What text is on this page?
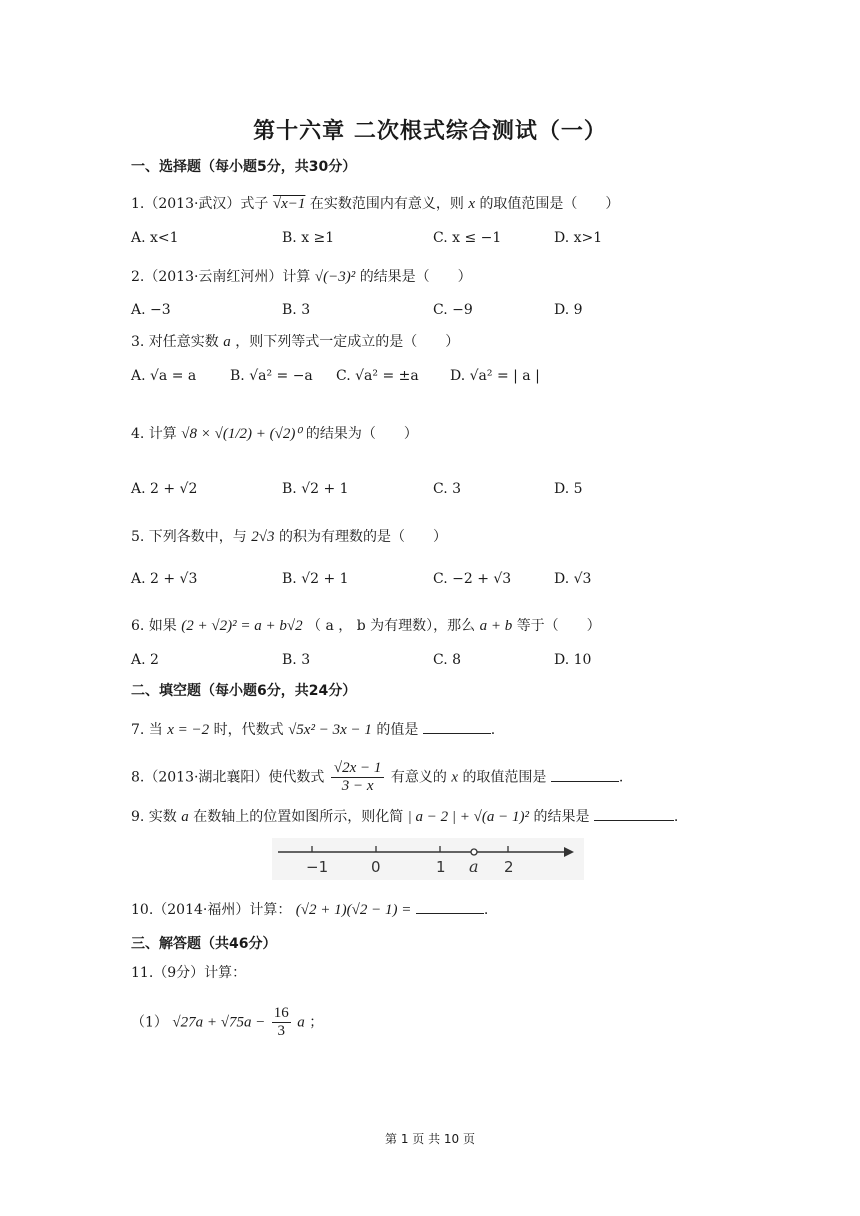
第十六章 二次根式综合测试（一）
一、选择题（每小题5分，共30分）
1.（2013·武汉）式子 √x−1 在实数范围内有意义，则 x 的取值范围是（　　）
A. x<1	B. x ≥1	C. x ≤ −1	D. x>1
2.（2013·云南红河州）计算 √(−3)² 的结果是（　　）
A. −3	B. 3	C. −9	D. 9
3. 对任意实数 a ，则下列等式一定成立的是（　　）
A. √a = a B. √a² = −a C. √a² = ±a D. √a² = | a |
4. 计算 √8 × √(1/2) + (√2)⁰ 的结果为（　　）
A. 2 + √2	B. √2 + 1	C. 3	D. 5
5. 下列各数中，与 2√3 的积为有理数的是（　　）
A. 2 + √3	B. √2 + 1	C. −2 + √3	D. √3
6. 如果 (2 + √2)² = a + b√2 （ a ， b 为有理数），那么 a + b 等于（　　）
A. 2	B. 3	C. 8	D. 10
二、填空题（每小题6分，共24分）
7. 当 x = −2 时，代数式 √5x² − 3x − 1 的值是	.
8.（2013·湖北襄阳）使代数式 $\frac{√2x - 1}{3 - x}$ 有意义的 x 的取值范围是	.
9. 实数 a 在数轴上的位置如图所示，则化简 | a − 2 | + √(a − 1)² 的结果是	.
−1	0	1 a 2
10.（2014·福州）计算： (√2 + 1)(√2 − 1) =	.
三、解答题（共46分）
11.（9分）计算：
（1） $√27a + √75a - \frac{16}{3}$ a ；
第 1 页 共 10 页
